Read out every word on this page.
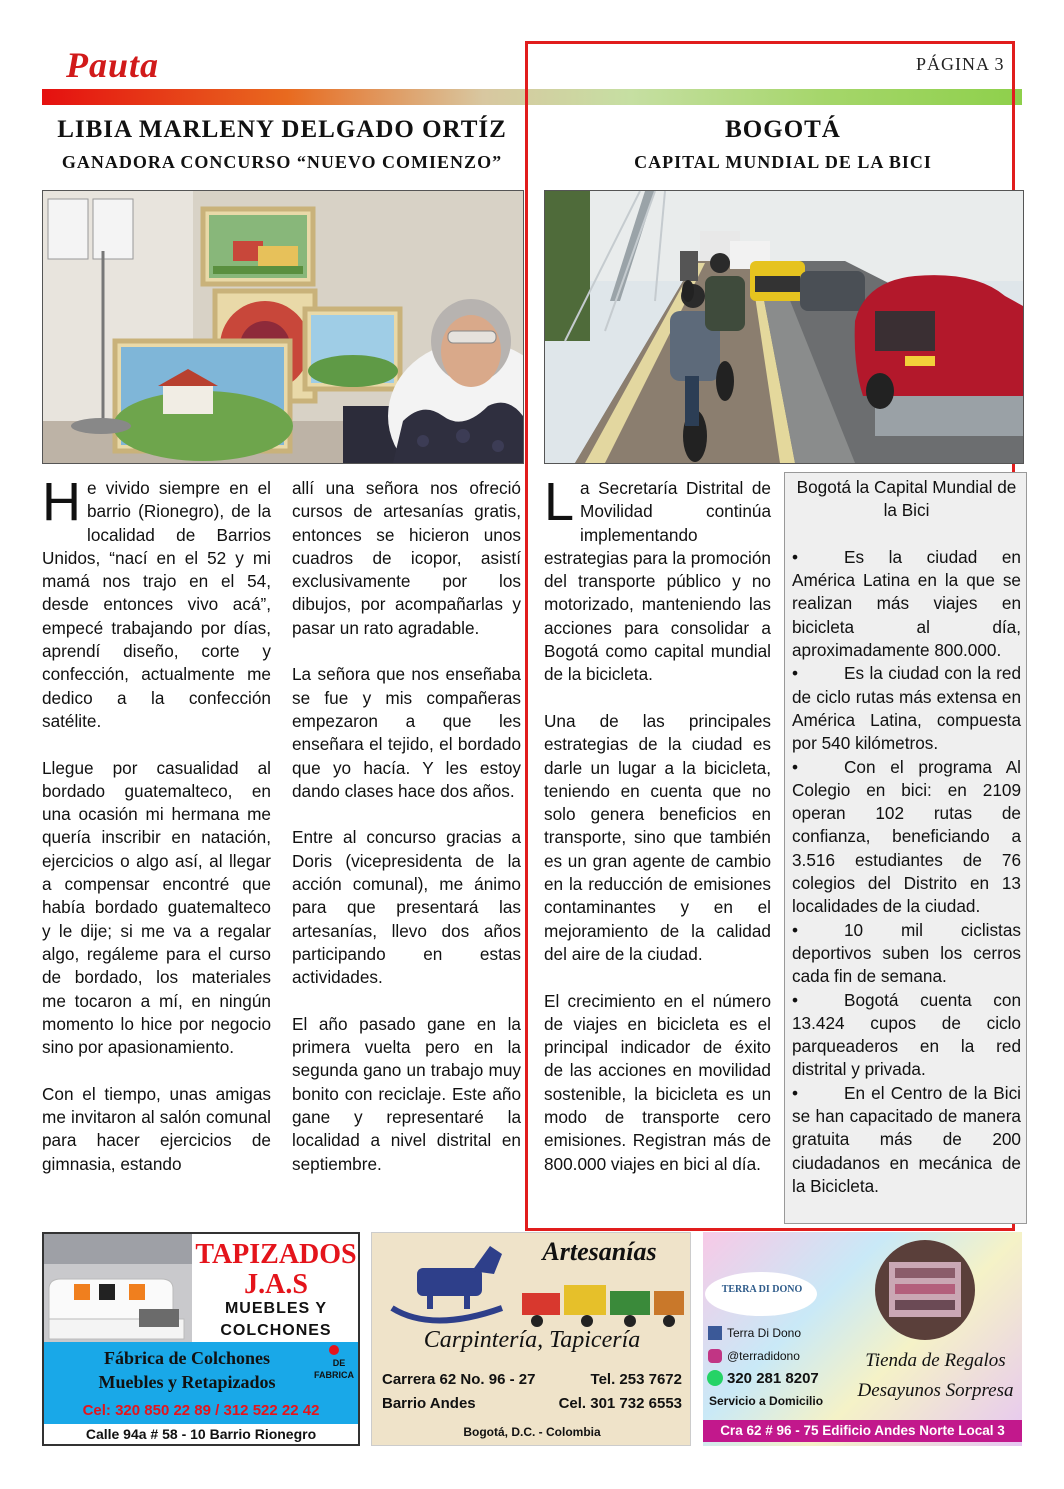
Pauta	PÁGINA 3
LIBIA MARLENY DELGADO ORTÍZ
GANADORA CONCURSO “NUEVO COMIENZO”

He vivido siempre en el barrio (Rionegro), de la localidad de Barrios Unidos, “nací en el 52 y mi mamá nos trajo en el 54, desde entonces vivo acá”, empecé trabajando por días, aprendí diseño, corte y confección, actualmente me dedico a la confección satélite.

Llegue por casualidad al bordado guatemalteco, en una ocasión mi hermana me quería inscribir en natación, ejercicios o algo así, al llegar a compensar encontré que había bordado guatemalteco y le dije; si me va a regalar algo, regáleme para el curso de bordado, los materiales me tocaron a mí, en ningún momento lo hice por negocio sino por apasionamiento.

Con el tiempo, unas amigas me invitaron al salón comunal para hacer ejercicios de gimnasia, estando

allí una señora nos ofreció cursos de artesanías gratis, entonces se hicieron unos cuadros de icopor, asistí exclusivamente por los dibujos, por acompañarlas y pasar un rato agradable.

La señora que nos enseñaba se fue y mis compañeras empezaron a que les enseñara el tejido, el bordado que yo hacía. Y les estoy dando clases hace dos años.

Entre al concurso gracias a Doris (vicepresidenta de la acción comunal), me ánimo para que presentará las artesanías, llevo dos años participando en estas actividades.

El año pasado gane en la primera vuelta pero en la segunda gano un trabajo muy bonito con reciclaje. Este año gane y representaré la localidad a nivel distrital en septiembre.

BOGOTÁ
CAPITAL MUNDIAL DE LA BICI

La Secretaría Distrital de Movilidad continúa implementando estrategias para la promoción del transporte público y no motorizado, manteniendo las acciones para consolidar a Bogotá como capital mundial de la bicicleta.

Una de las principales estrategias de la ciudad es darle un lugar a la bicicleta, teniendo en cuenta que no solo genera beneficios en transporte, sino que también es un gran agente de cambio en la reducción de emisiones contaminantes y en el mejoramiento de la calidad del aire de la ciudad.

El crecimiento en el número de viajes en bicicleta es el principal indicador de éxito de las acciones en movilidad sostenible, la bicicleta es un modo de transporte cero emisiones. Registran más de 800.000 viajes en bici al día.

Bogotá la Capital Mundial de la Bici
•	Es la ciudad en América Latina en la que se realizan más viajes en bicicleta al día, aproximadamente 800.000.
•	Es la ciudad con la red de ciclo rutas más extensa en América Latina, compuesta por 540 kilómetros.
•	Con el programa Al Colegio en bici: en 2109 operan 102 rutas de confianza, beneficiando a 3.516 estudiantes de 76 colegios del Distrito en 13 localidades de la ciudad.
•	10 mil ciclistas deportivos suben los cerros cada fin de semana.
•	Bogotá cuenta con 13.424 cupos de ciclo parqueaderos en la red distrital y privada.
•	En el Centro de la Bici se han capacitado de manera gratuita más de 200 ciudadanos en mecánica de la Bicicleta.
TAPIZADOS
J.A.S
MUEBLES Y
COLCHONES
Fábrica de Colchones
Muebles y Retapizados
DE
FABRICA
Cel: 320 850 22 89 / 312 522 22 42
Calle 94a # 58 - 10 Barrio Rionegro
Artesanías
Carpintería, Tapicería
Carrera 62 No. 96 - 27
Barrio Andes
Tel. 253 7672
Cel. 301 732 6553
Bogotá, D.C. - Colombia
TERRA DI DONO
Terra Di Dono
@terradidono
320 281 8207
Servicio a Domicilio
Tienda de Regalos
Desayunos Sorpresa
Cra 62 # 96 - 75 Edificio Andes Norte Local 3
